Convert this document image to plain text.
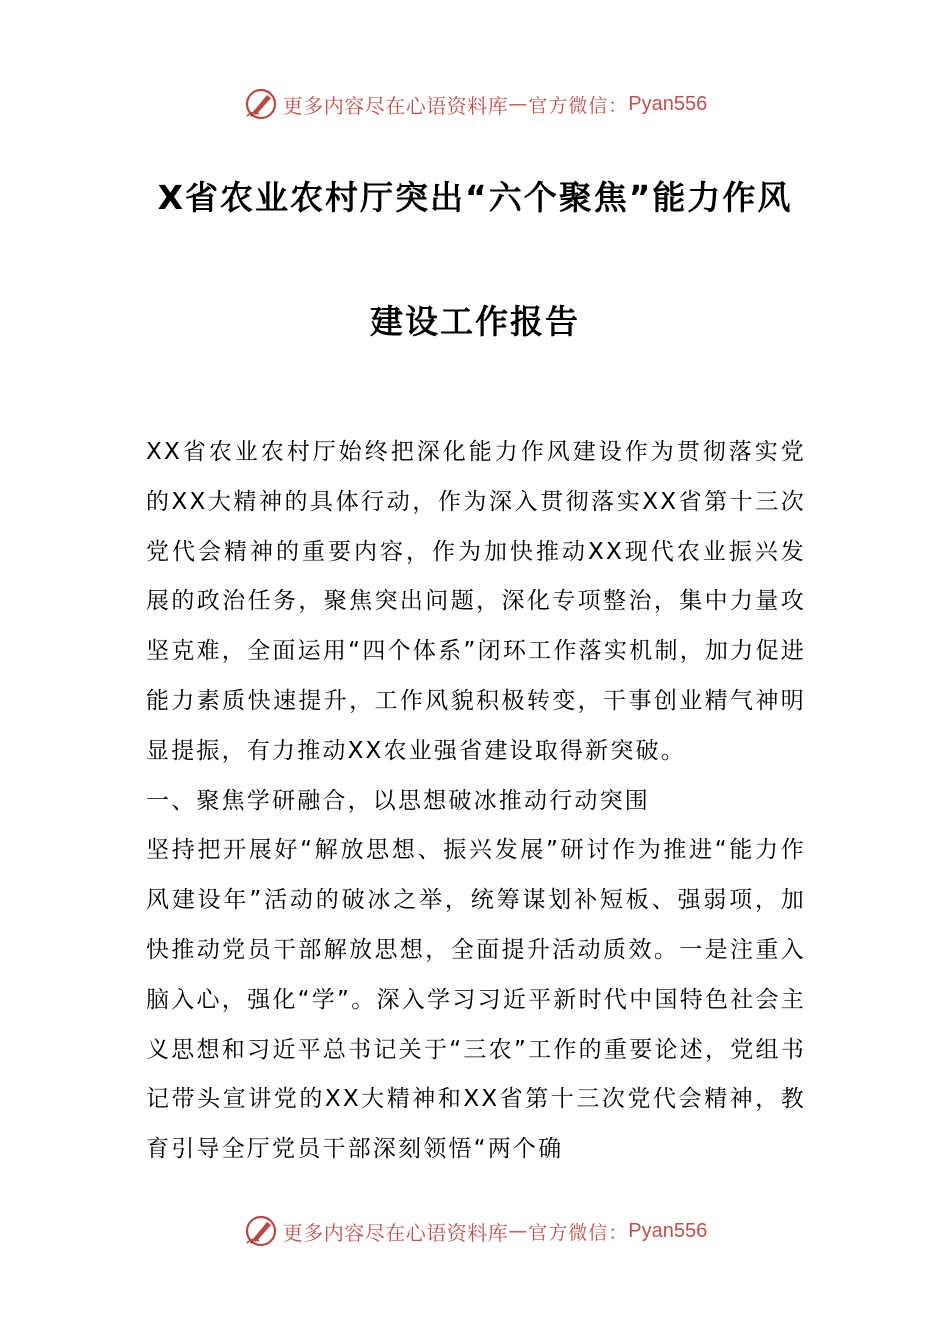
更多内容尽在心语资料库 — 官方微信： Pyan556
X省农业农村厅突出“六个聚焦”能力作风
建设工作报告

XX省农业农村厅始终把深化能力作风建设作为贯彻落实党的XX大精神的具体行动，作为深入贯彻落实XX省第十三次党代会精神的重要内容，作为加快推动XX现代农业振兴发展的政治任务，聚焦突出问题，深化专项整治，集中力量攻坚克难，全面运用“四个体系”闭环工作落实机制，加力促进能力素质快速提升，工作风貌积极转变，干事创业精气神明显提振，有力推动XX农业强省建设取得新突破。

一、聚焦学研融合，以思想破冰推动行动突围

坚持把开展好“解放思想、振兴发展”研讨作为推进“能力作风建设年”活动的破冰之举，统筹谋划补短板、强弱项，加快推动党员干部解放思想，全面提升活动质效。一是注重入脑入心，强化“学”。深入学习习近平新时代中国特色社会主义思想和习近平总书记关于“三农”工作的重要论述，党组书记带头宣讲党的XX大精神和XX省第十三次党代会精神，教育引导全厅党员干部深刻领悟“两个确

更多内容尽在心语资料库 — 官方微信： Pyan556
